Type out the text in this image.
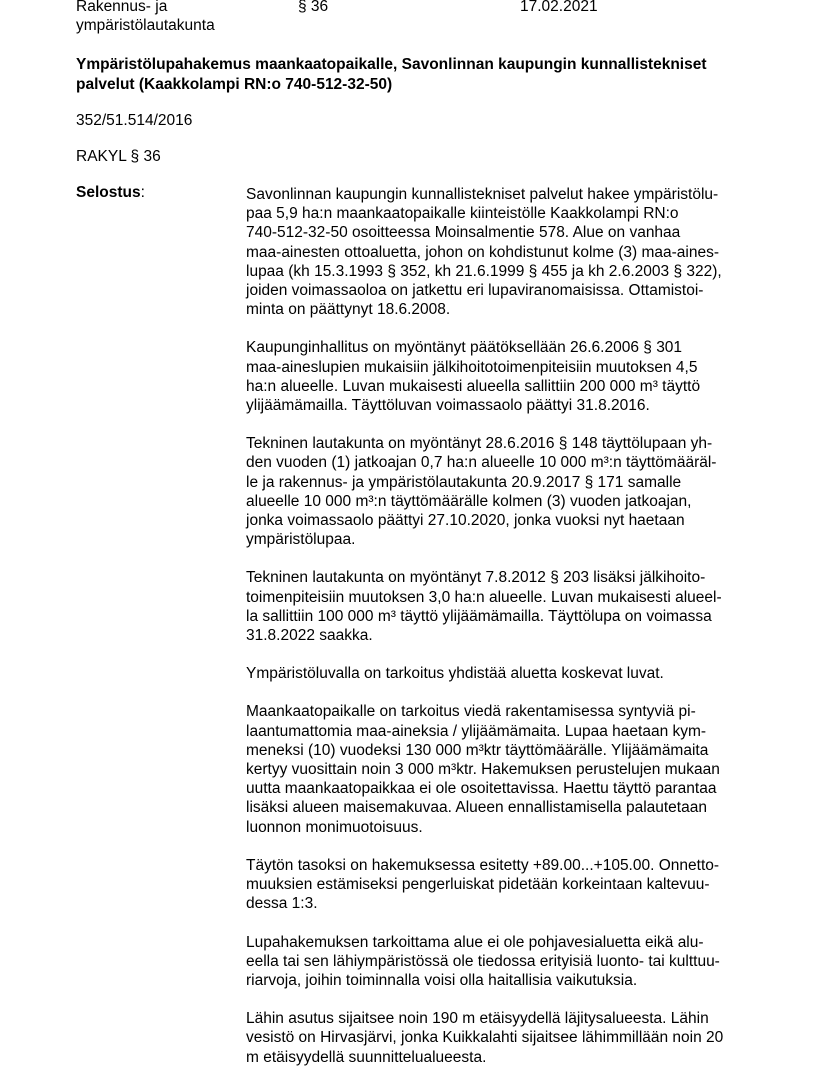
Rakennus- ja ympäristölautakunta
§ 36	17.02.2021
Ympäristölupahakemus maankaatopaikalle, Savonlinnan kaupungin kunnallistekniset palvelut (Kaakkolampi RN:o 740-512-32-50)
352/51.514/2016
RAKYL § 36
Selostus:	Savonlinnan kaupungin kunnallistekniset palvelut hakee ympäristölu-
paa 5,9 ha:n maankaatopaikalle kiinteistölle Kaakkolampi RN:o
740-512-32-50 osoitteessa Moinsalmentie 578. Alue on vanhaa
maa-ainesten ottoaluetta, johon on kohdistunut kolme (3) maa-aines-
lupaa (kh 15.3.1993 § 352, kh 21.6.1999 § 455 ja kh 2.6.2003 § 322),
joiden voimassaoloa on jatkettu eri lupaviranomaisissa. Ottamistoi-
minta on päättynyt 18.6.2008.

Kaupunginhallitus on myöntänyt päätöksellään 26.6.2006 § 301
maa-aineslupien mukaisiin jälkihoitotoimenpiteisiin muutoksen 4,5
ha:n alueelle. Luvan mukaisesti alueella sallittiin 200 000 m³ täyttö
ylijäämämailla. Täyttöluvan voimassaolo päättyi 31.8.2016.

Tekninen lautakunta on myöntänyt 28.6.2016 § 148 täyttölupaan yh-
den vuoden (1) jatkoajan 0,7 ha:n alueelle 10 000 m³:n täyttömääräl-
le ja rakennus- ja ympäristölautakunta 20.9.2017 § 171 samalle
alueelle 10 000 m³:n täyttömäärälle kolmen (3) vuoden jatkoajan,
jonka voimassaolo päättyi 27.10.2020, jonka vuoksi nyt haetaan
ympäristölupaa.

Tekninen lautakunta on myöntänyt 7.8.2012 § 203 lisäksi jälkihoito-
toimenpiteisiin muutoksen 3,0 ha:n alueelle. Luvan mukaisesti alueel-
la sallittiin 100 000 m³ täyttö ylijäämämailla. Täyttölupa on voimassa
31.8.2022 saakka.

Ympäristöluvalla on tarkoitus yhdistää aluetta koskevat luvat.

Maankaatopaikalle on tarkoitus viedä rakentamisessa syntyviä pi-
laantumattomia maa-aineksia / ylijäämämaita. Lupaa haetaan kym-
meneksi (10) vuodeksi 130 000 m³ktr täyttömäärälle. Ylijäämämaita
kertyy vuosittain noin 3 000 m³ktr. Hakemuksen perustelujen mukaan
uutta maankaatopaikkaa ei ole osoitettavissa. Haettu täyttö parantaa
lisäksi alueen maisemakuvaa. Alueen ennallistamisella palautetaan
luonnon monimuotoisuus.

Täytön tasoksi on hakemuksessa esitetty +89.00...+105.00. Onnetto-
muuksien estämiseksi pengerluiskat pidetään korkeintaan kaltevuu-
dessa 1:3.

Lupahakemuksen tarkoittama alue ei ole pohjavesialuetta eikä alu-
eella tai sen lähiympäristössä ole tiedossa erityisiä luonto- tai kulttuu-
riarvoja, joihin toiminnalla voisi olla haitallisia vaikutuksia.

Lähin asutus sijaitsee noin 190 m etäisyydellä läjitysalueesta. Lähin
vesistö on Hirvasjärvi, jonka Kuikkalahti sijaitsee lähimmillään noin 20
m etäisyydellä suunnittelualueesta.
